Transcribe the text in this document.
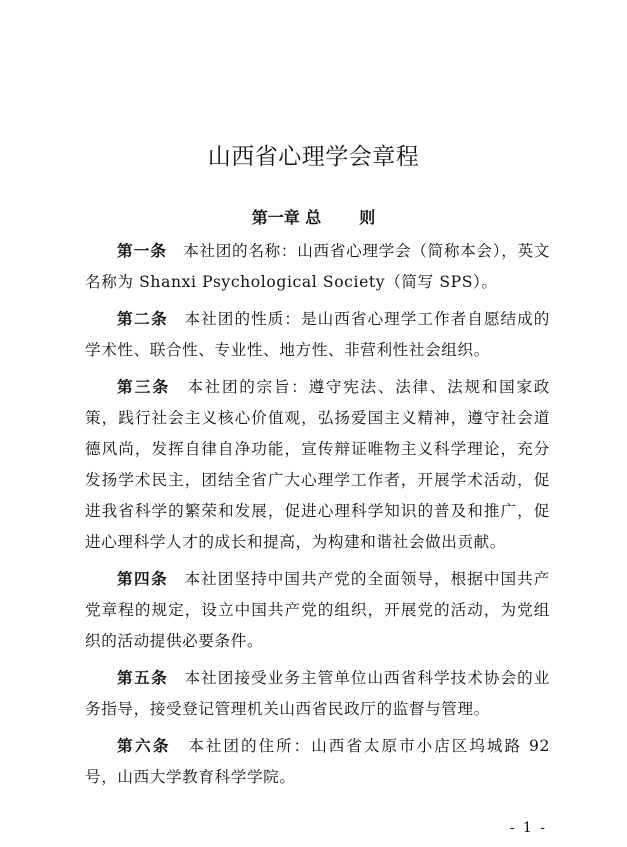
山西省心理学会章程
第一章 总 则

第一条 本社团的名称：山西省心理学会（简称本会），英文名称为 Shanxi Psychological Society（简写 SPS）。

第二条 本社团的性质：是山西省心理学工作者自愿结成的学术性、联合性、专业性、地方性、非营利性社会组织。

第三条 本社团的宗旨：遵守宪法、法律、法规和国家政策，践行社会主义核心价值观，弘扬爱国主义精神，遵守社会道德风尚，发挥自律自净功能，宣传辩证唯物主义科学理论，充分发扬学术民主，团结全省广大心理学工作者，开展学术活动，促进我省科学的繁荣和发展，促进心理科学知识的普及和推广，促进心理科学人才的成长和提高，为构建和谐社会做出贡献。

第四条 本社团坚持中国共产党的全面领导，根据中国共产党章程的规定，设立中国共产党的组织，开展党的活动，为党组织的活动提供必要条件。

第五条 本社团接受业务主管单位山西省科学技术协会的业务指导，接受登记管理机关山西省民政厅的监督与管理。

第六条 本社团的住所：山西省太原市小店区坞城路 92 号，山西大学教育科学学院。

- 1 -
